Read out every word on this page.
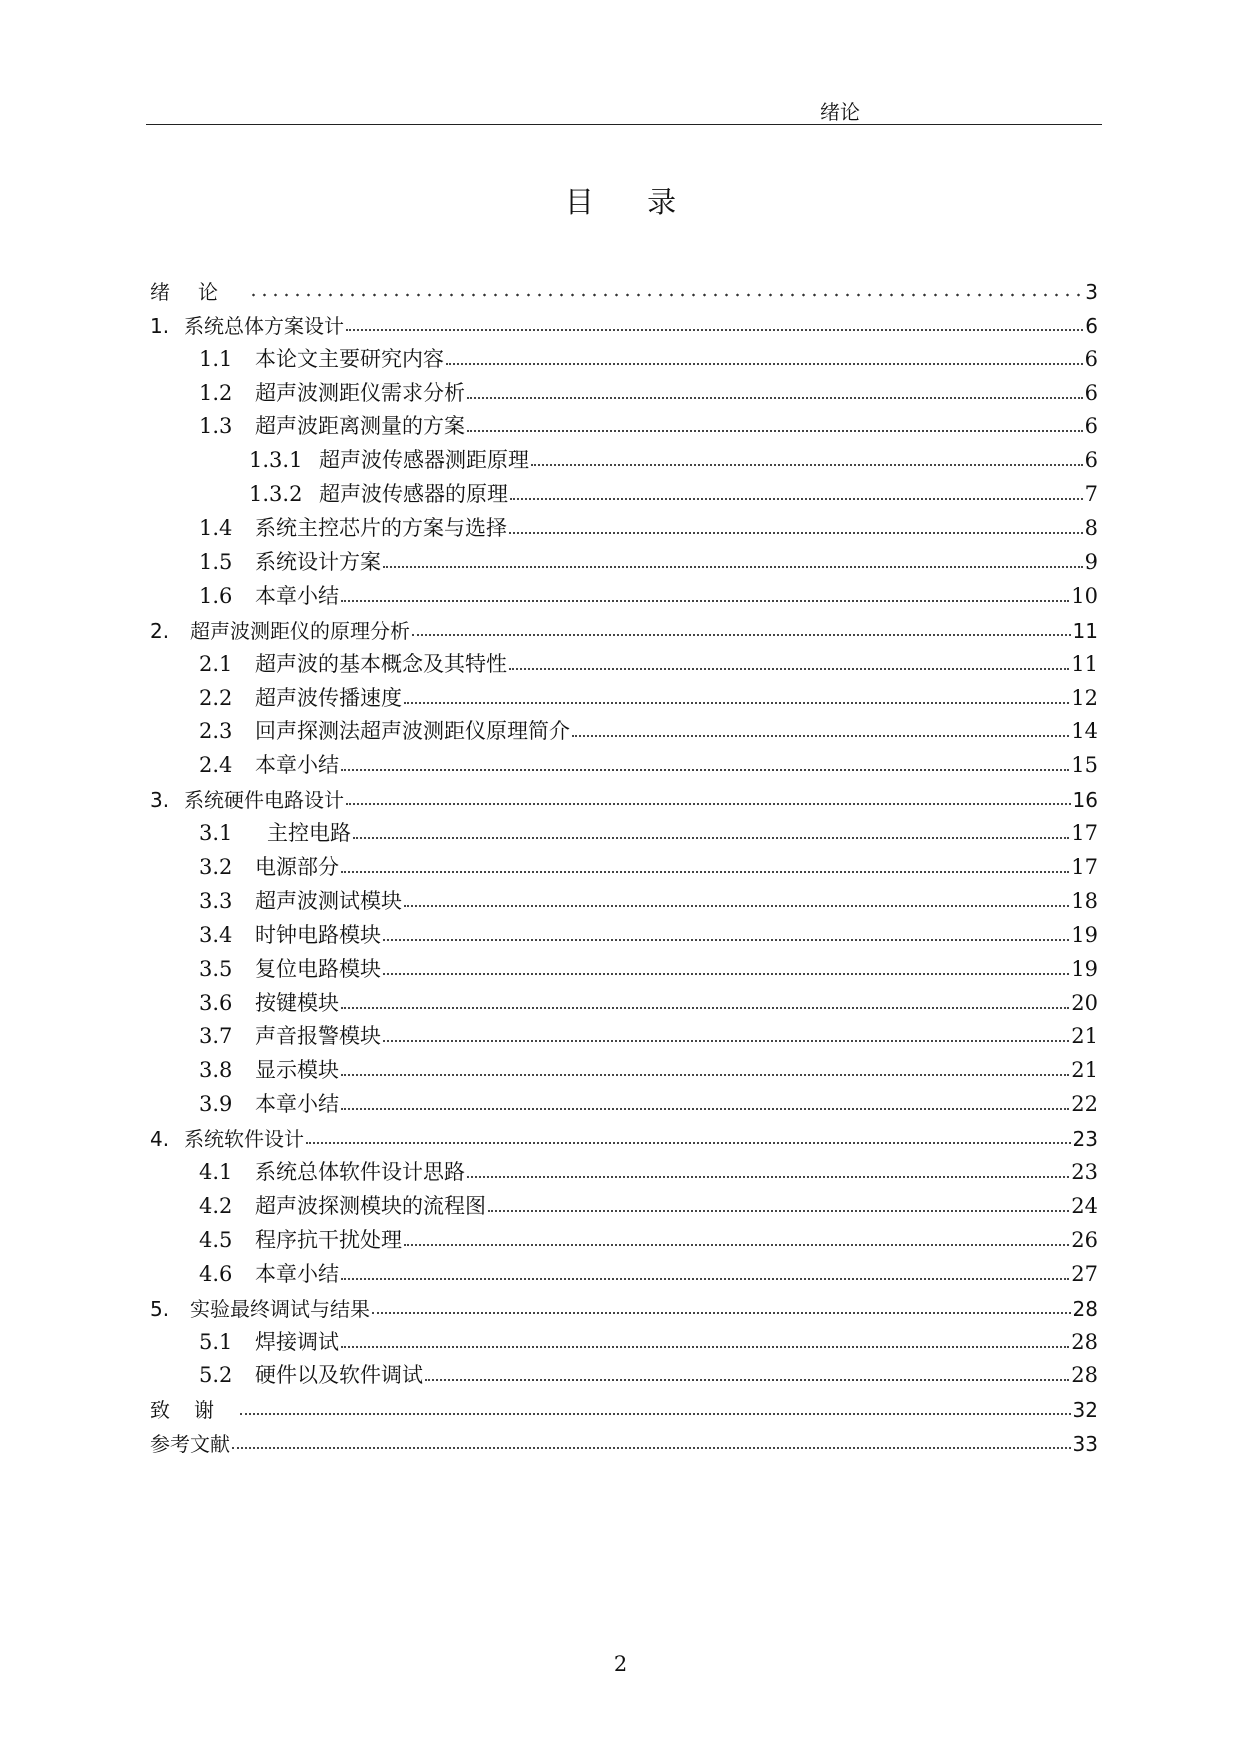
绪论
目 录
绪论	3
1. 系统总体方案设计	6
1.1	本论文主要研究内容	6
1.2	超声波测距仪需求分析	6
1.3	超声波距离测量的方案	6
1.3.1 超声波传感器测距原理	6
1.3.2 超声波传感器的原理	7
1.4	系统主控芯片的方案与选择	8
1.5	系统设计方案	9
1.6	本章小结	10
2.	超声波测距仪的原理分析	11
2.1	超声波的基本概念及其特性	11
2.2	超声波传播速度	12
2.3	回声探测法超声波测距仪原理简介	14
2.4	本章小结	15
3. 系统硬件电路设计	16
3.1	主控电路	17
3.2	电源部分	17
3.3	超声波测试模块	18
3.4	时钟电路模块	19
3.5	复位电路模块	19
3.6	按键模块	20
3.7	声音报警模块	21
3.8	显示模块	21
3.9	本章小结	22
4. 系统软件设计	23
4.1	系统总体软件设计思路	23
4.2	超声波探测模块的流程图	24
4.5	程序抗干扰处理	26
4.6	本章小结	27
5.	实验最终调试与结果	28
5.1	焊接调试	28
5.2	硬件以及软件调试	28
致谢	32
参考文献	33
2
